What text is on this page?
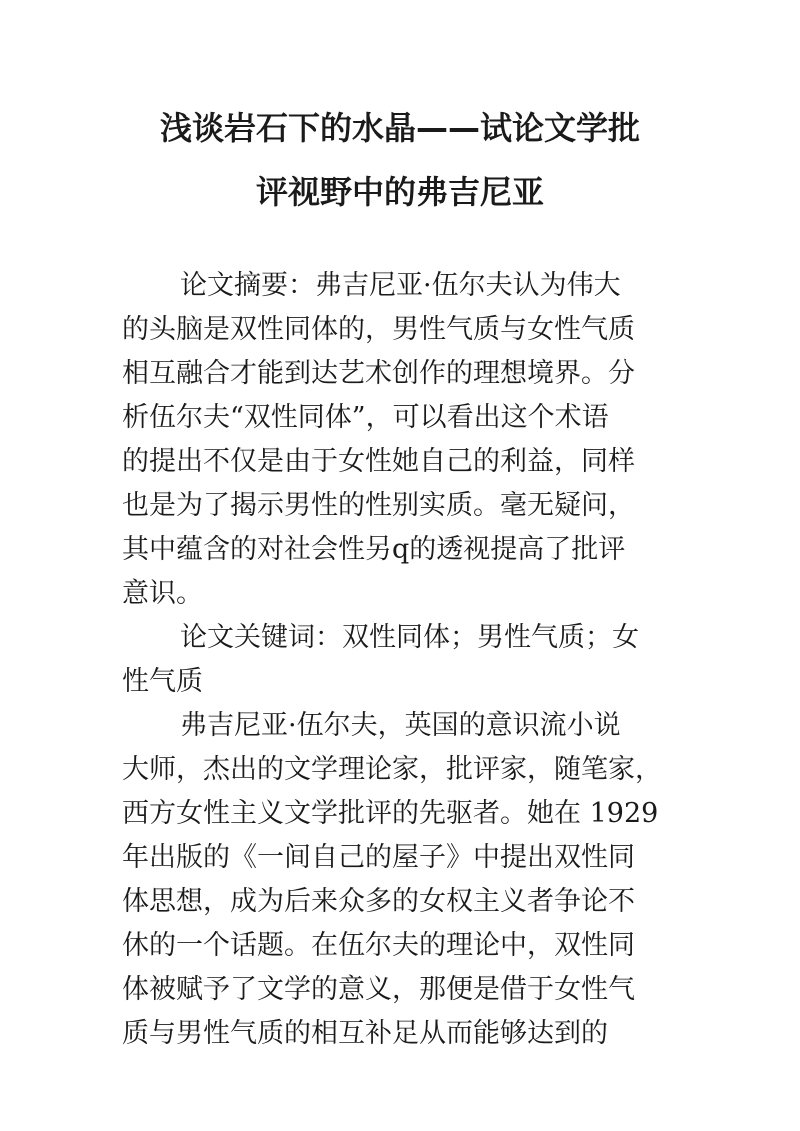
浅谈岩石下的水晶——试论文学批
评视野中的弗吉尼亚
论文摘要：弗吉尼亚·伍尔夫认为伟大
的头脑是双性同体的，男性气质与女性气质
相互融合才能到达艺术创作的理想境界。分
析伍尔夫“双性同体”，可以看出这个术语
的提出不仅是由于女性她自己的利益，同样
也是为了揭示男性的性别实质。毫无疑问，
其中蕴含的对社会性另q的透视提高了批评
意识。
论文关键词：双性同体；男性气质；女
性气质
弗吉尼亚·伍尔夫，英国的意识流小说
大师，杰出的文学理论家，批评家，随笔家，
西方女性主义文学批评的先驱者。她在 1929
年出版的《一间自己的屋子》中提出双性同
体思想，成为后来众多的女权主义者争论不
休的一个话题。在伍尔夫的理论中，双性同
体被赋予了文学的意义，那便是借于女性气
质与男性气质的相互补足从而能够达到的
